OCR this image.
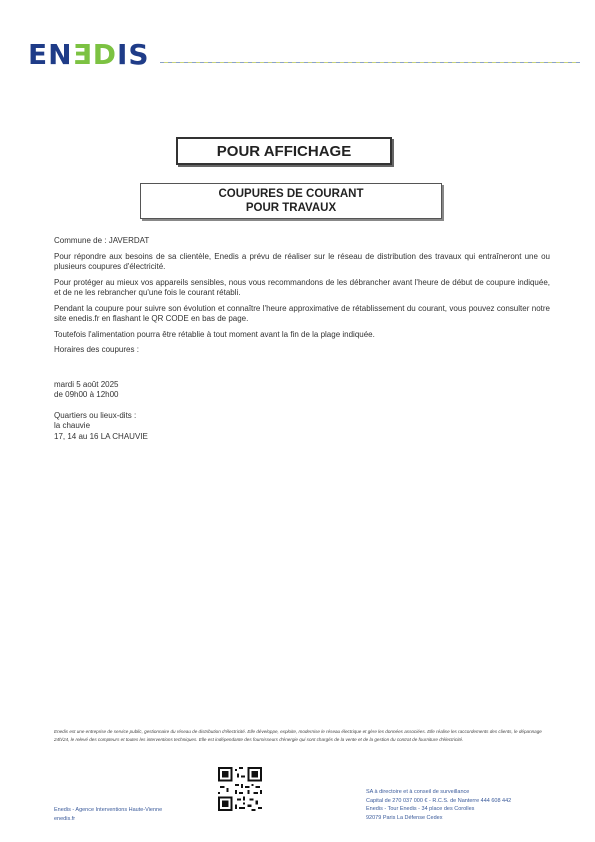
ENƎDIS
POUR AFFICHAGE
COUPURES DE COURANT
POUR TRAVAUX

Commune de : JAVERDAT

Pour répondre aux besoins de sa clientèle, Enedis a prévu de réaliser sur le réseau de distribution des travaux qui entraîneront une ou plusieurs coupures d'électricité.

Pour protéger au mieux vos appareils sensibles, nous vous recommandons de les débrancher avant l'heure de début de coupure indiquée, et de ne les rebrancher qu'une fois le courant rétabli.

Pendant la coupure pour suivre son évolution et connaître l'heure approximative de rétablissement du courant, vous pouvez consulter notre site enedis.fr en flashant le QR CODE en bas de page.

Toutefois l'alimentation pourra être rétablie à tout moment avant la fin de la plage indiquée.

Horaires des coupures :

mardi 5 août 2025

de 09h00 à 12h00

Quartiers ou lieux-dits :

la chauvie

17, 14 au 16 LA CHAUVIE

Enedis est une entreprise de service public, gestionnaire du réseau de distribution d'électricité. Elle développe, exploite, modernise le réseau électrique et gère les données associées. Elle réalise les raccordements des clients, le dépannage 24h/24, le relevé des compteurs et toutes les interventions techniques. Elle est indépendante des fournisseurs d'énergie qui sont chargés de la vente et de la gestion du contrat de fourniture d'électricité.
Enedis - Agence Interventions Haute-Vienne
enedis.fr
SA à directoire et à conseil de surveillance
Capital de 270 037 000 € - R.C.S. de Nanterre 444 608 442
Enedis - Tour Enedis - 34 place des Corolles
92079 Paris La Défense Cedex
